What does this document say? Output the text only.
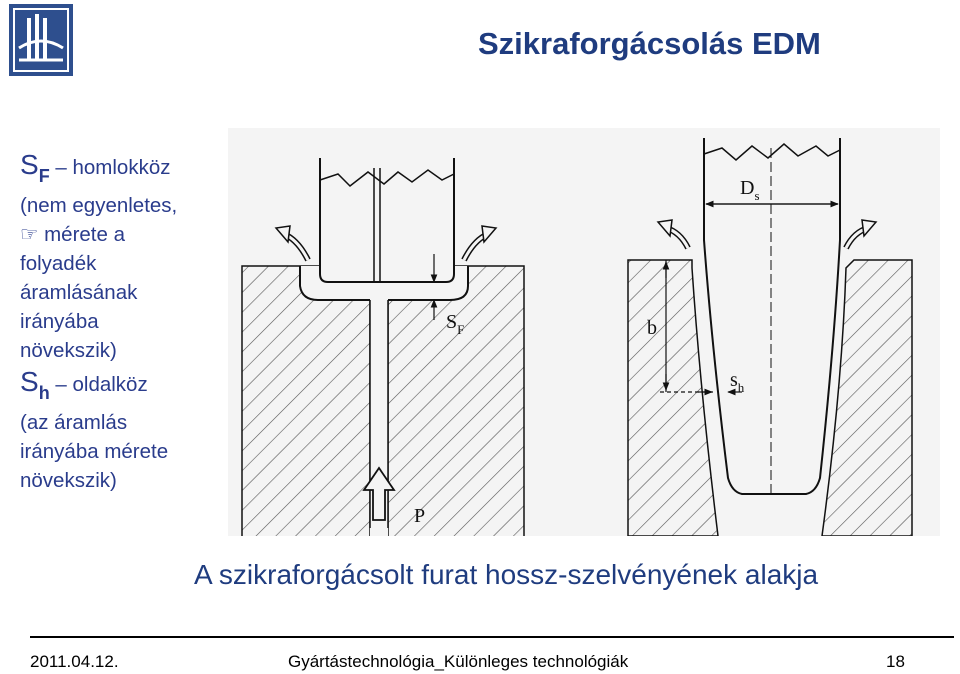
Szikraforgácsolás EDM
$S_F$ – homlokköz
(nem egyenletes,
☞ mérete a
folyadék
áramlásának
irányába
növekszik)
$S_h$ – oldalköz
(az áramlás
irányába mérete
növekszik)
$S_F$
P
$D_s$
b
$s_h$
A szikraforgácsolt furat hossz-szelvényének alakja
2011.04.12.	Gyártástechnológia_Különleges technológiák	18
